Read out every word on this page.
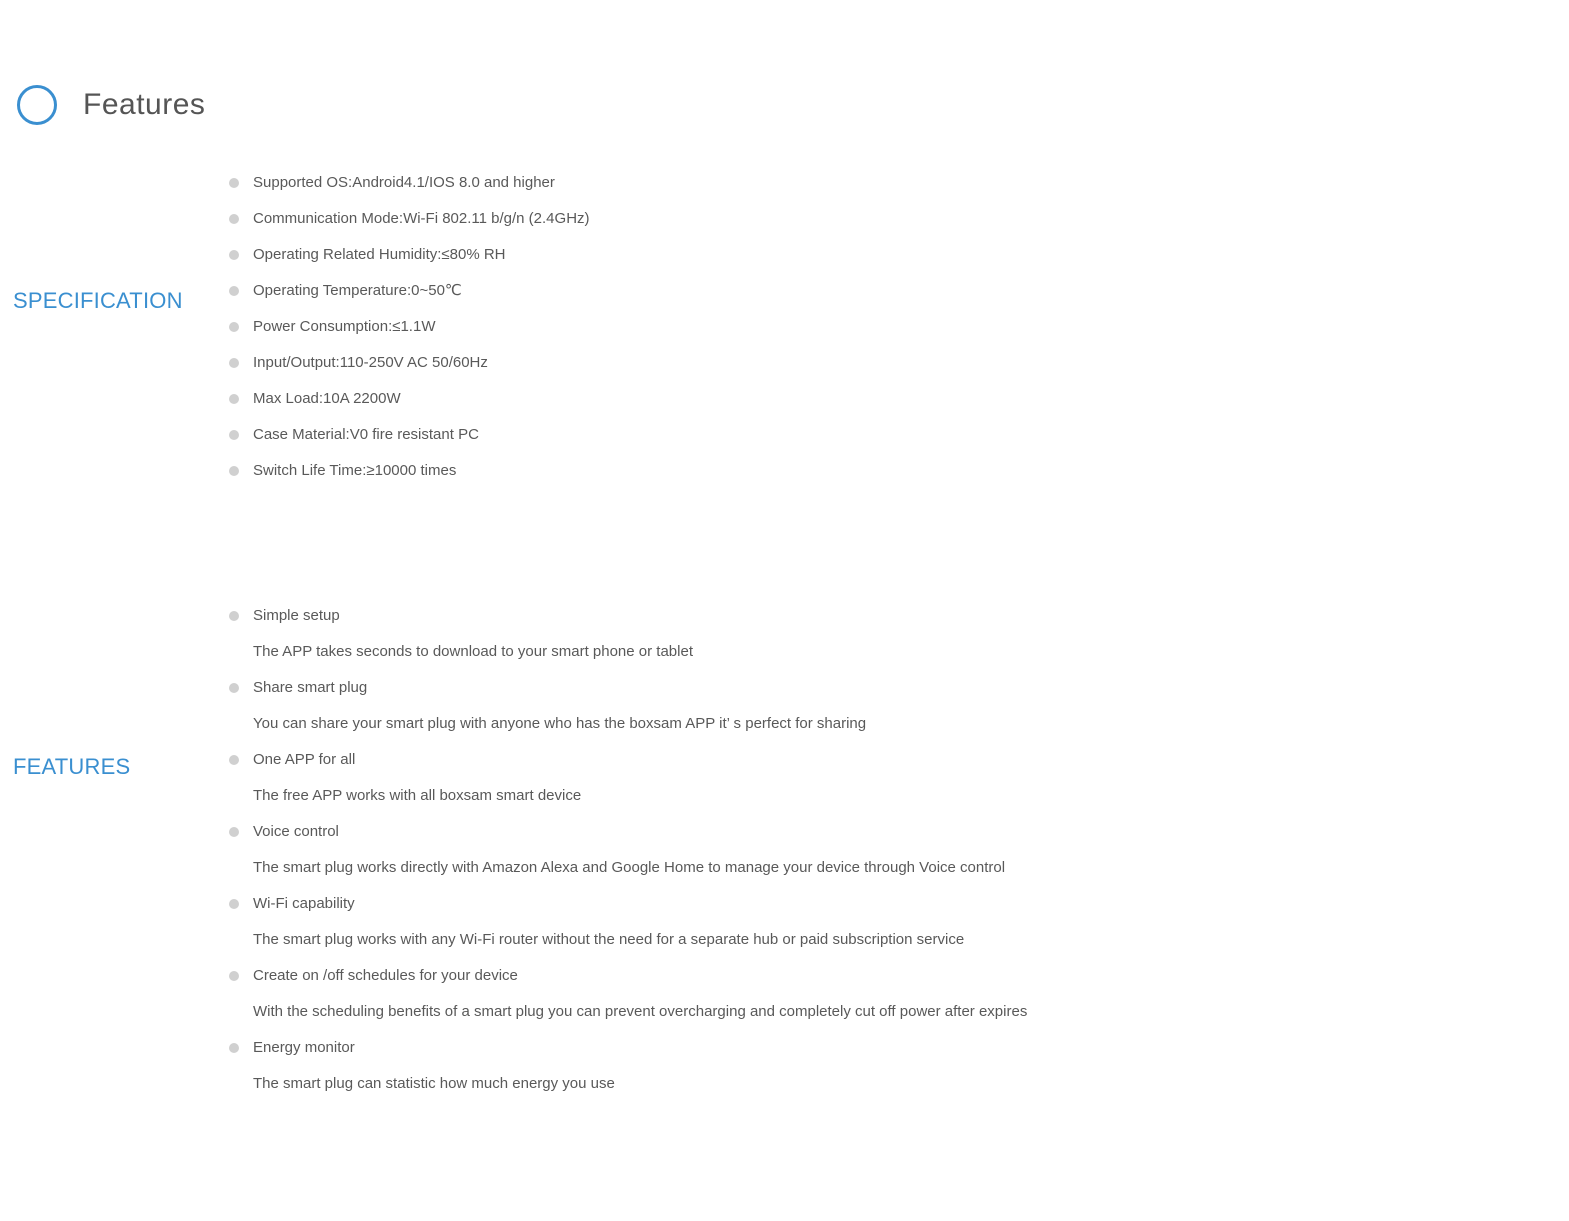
Features
SPECIFICATION
Supported OS:Android4.1/IOS 8.0 and higher
Communication Mode:Wi-Fi 802.11 b/g/n (2.4GHz)
Operating Related Humidity:≤80% RH
Operating Temperature:0~50℃
Power Consumption:≤1.1W
Input/Output:110-250V AC 50/60Hz
Max Load:10A 2200W
Case Material:V0 fire resistant PC
Switch Life Time:≥10000 times
FEATURES
Simple setup
The APP takes seconds to download to your smart phone or tablet
Share smart plug
You can share your smart plug with anyone who has the boxsam APP it’ s perfect for sharing
One APP for all
The free APP works with all boxsam smart device
Voice control
The smart plug works directly with Amazon Alexa and Google Home to manage your device through Voice control
Wi-Fi capability
The smart plug works with any Wi-Fi router without the need for a separate hub or paid subscription service
Create on /off schedules for your device
With the scheduling benefits of a smart plug you can prevent overcharging and completely cut off power after expires
Energy monitor
The smart plug can statistic how much energy you use
